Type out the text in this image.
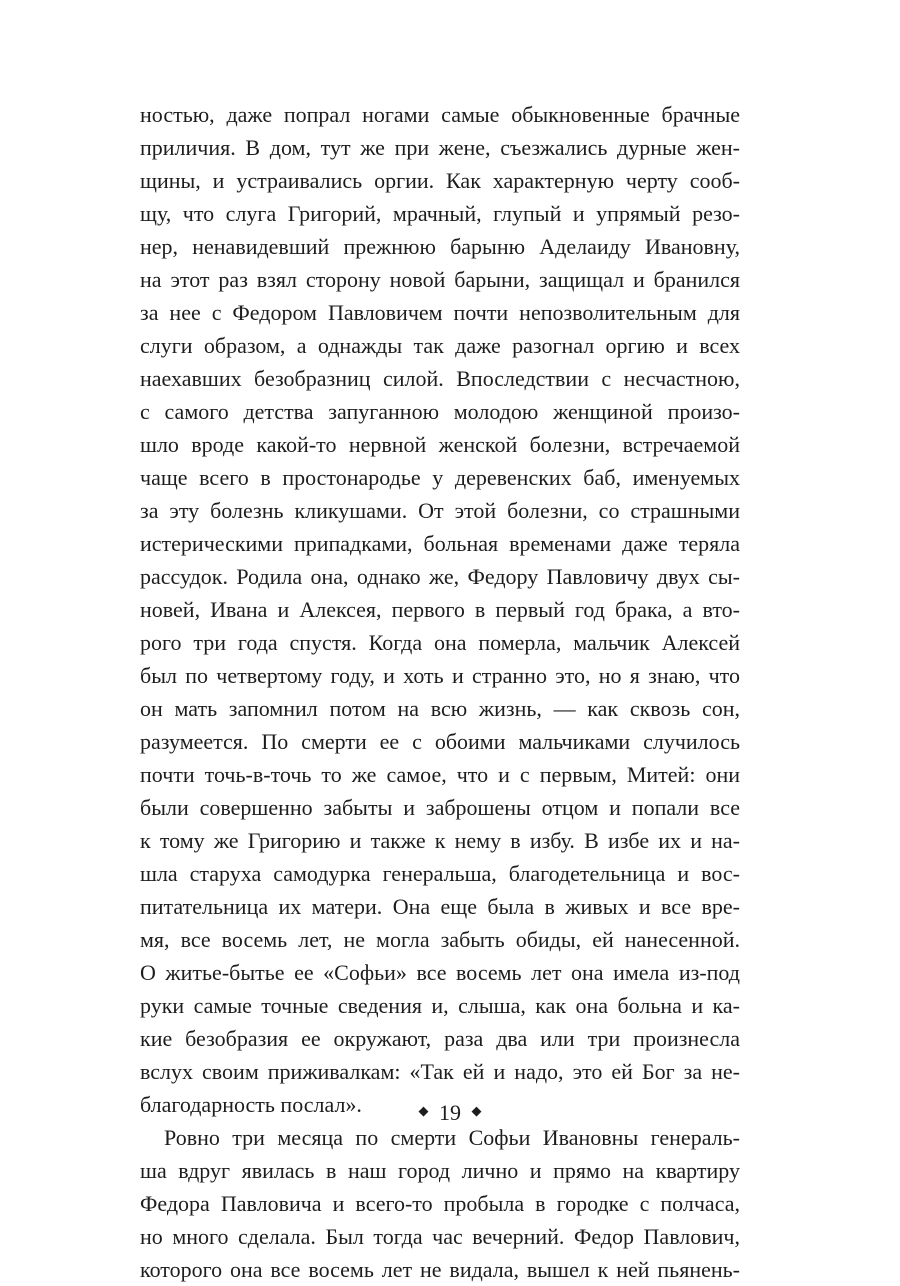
ностью, даже попрал ногами самые обыкновенные брачные
приличия. В дом, тут же при жене, съезжались дурные жен-
щины, и устраивались оргии. Как характерную черту сооб-
щу, что слуга Григорий, мрачный, глупый и упрямый резо-
нер, ненавидевший прежнюю барыню Аделаиду Ивановну,
на этот раз взял сторону новой барыни, защищал и бранился
за нее с Федором Павловичем почти непозволительным для
слуги образом, а однажды так даже разогнал оргию и всех
наехавших безобразниц силой. Впоследствии с несчастною,
с самого детства запуганною молодою женщиной произо-
шло вроде какой-то нервной женской болезни, встречаемой
чаще всего в простонародье у деревенских баб, именуемых
за эту болезнь кликушами. От этой болезни, со страшными
истерическими припадками, больная временами даже теряла
рассудок. Родила она, однако же, Федору Павловичу двух сы-
новей, Ивана и Алексея, первого в первый год брака, а вто-
рого три года спустя. Когда она померла, мальчик Алексей
был по четвертому году, и хоть и странно это, но я знаю, что
он мать запомнил потом на всю жизнь, — как сквозь сон,
разумеется. По смерти ее с обоими мальчиками случилось
почти точь-в-точь то же самое, что и с первым, Митей: они
были совершенно забыты и заброшены отцом и попали все
к тому же Григорию и также к нему в избу. В избе их и на-
шла старуха самодурка генеральша, благодетельница и вос-
питательница их матери. Она еще была в живых и все вре-
мя, все восемь лет, не могла забыть обиды, ей нанесенной.
О житье-бытье ее «Софьи» все восемь лет она имела из-под
руки самые точные сведения и, слыша, как она больна и ка-
кие безобразия ее окружают, раза два или три произнесла
вслух своим приживалкам: «Так ей и надо, это ей Бог за не-
благодарность послал».
Ровно три месяца по смерти Софьи Ивановны генераль-
ша вдруг явилась в наш город лично и прямо на квартиру
Федора Павловича и всего-то пробыла в городке с полчаса,
но много сделала. Был тогда час вечерний. Федор Павлович,
которого она все восемь лет не видала, вышел к ней пьянень-
◆ 19 ◆
